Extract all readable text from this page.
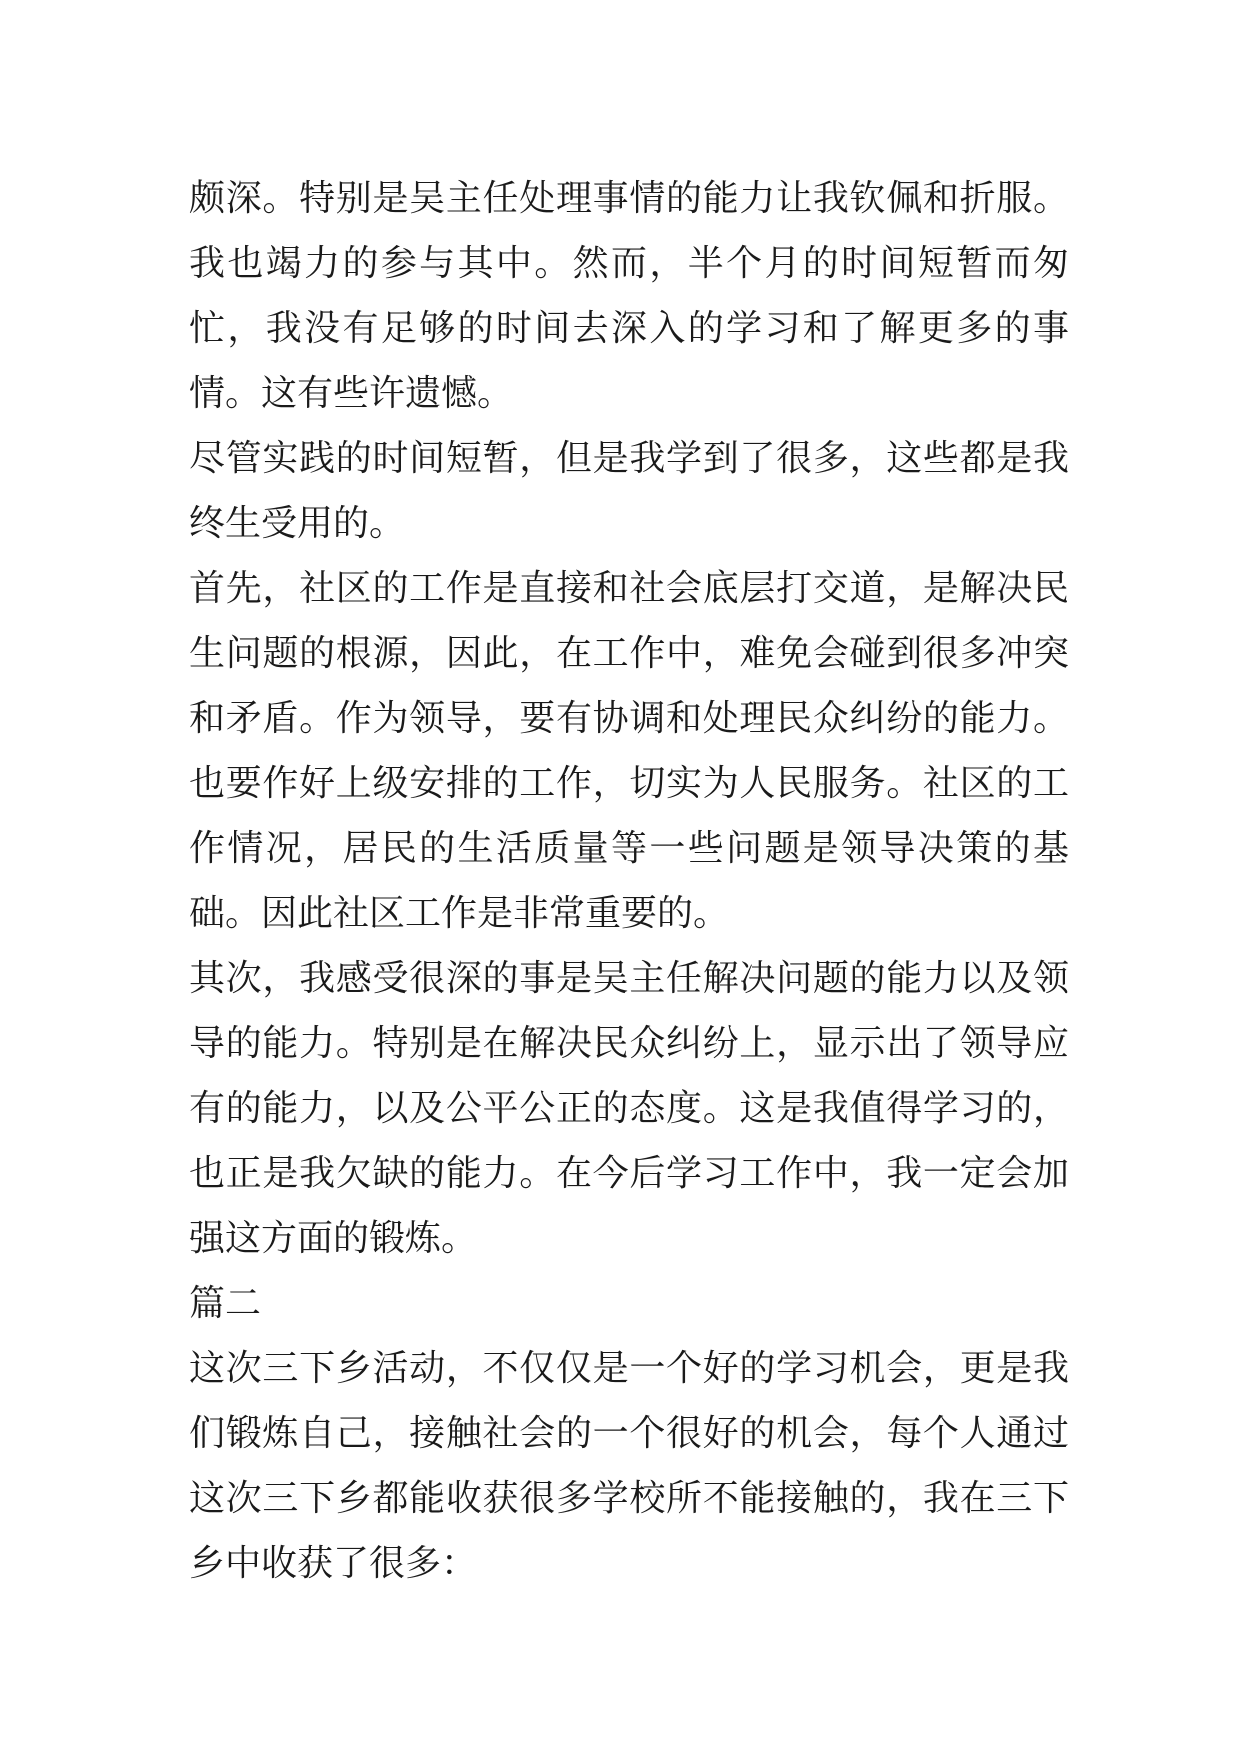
颇深。特别是吴主任处理事情的能力让我钦佩和折服。我也竭力的参与其中。然而，半个月的时间短暂而匆忙，我没有足够的时间去深入的学习和了解更多的事情。这有些许遗憾。

尽管实践的时间短暂，但是我学到了很多，这些都是我终生受用的。

首先，社区的工作是直接和社会底层打交道，是解决民生问题的根源，因此，在工作中，难免会碰到很多冲突和矛盾。作为领导，要有协调和处理民众纠纷的能力。也要作好上级安排的工作，切实为人民服务。社区的工作情况，居民的生活质量等一些问题是领导决策的基础。因此社区工作是非常重要的。

其次，我感受很深的事是吴主任解决问题的能力以及领导的能力。特别是在解决民众纠纷上，显示出了领导应有的能力，以及公平公正的态度。这是我值得学习的，也正是我欠缺的能力。在今后学习工作中，我一定会加强这方面的锻炼。

篇二

这次三下乡活动，不仅仅是一个好的学习机会，更是我们锻炼自己，接触社会的一个很好的机会，每个人通过这次三下乡都能收获很多学校所不能接触的，我在三下乡中收获了很多：
